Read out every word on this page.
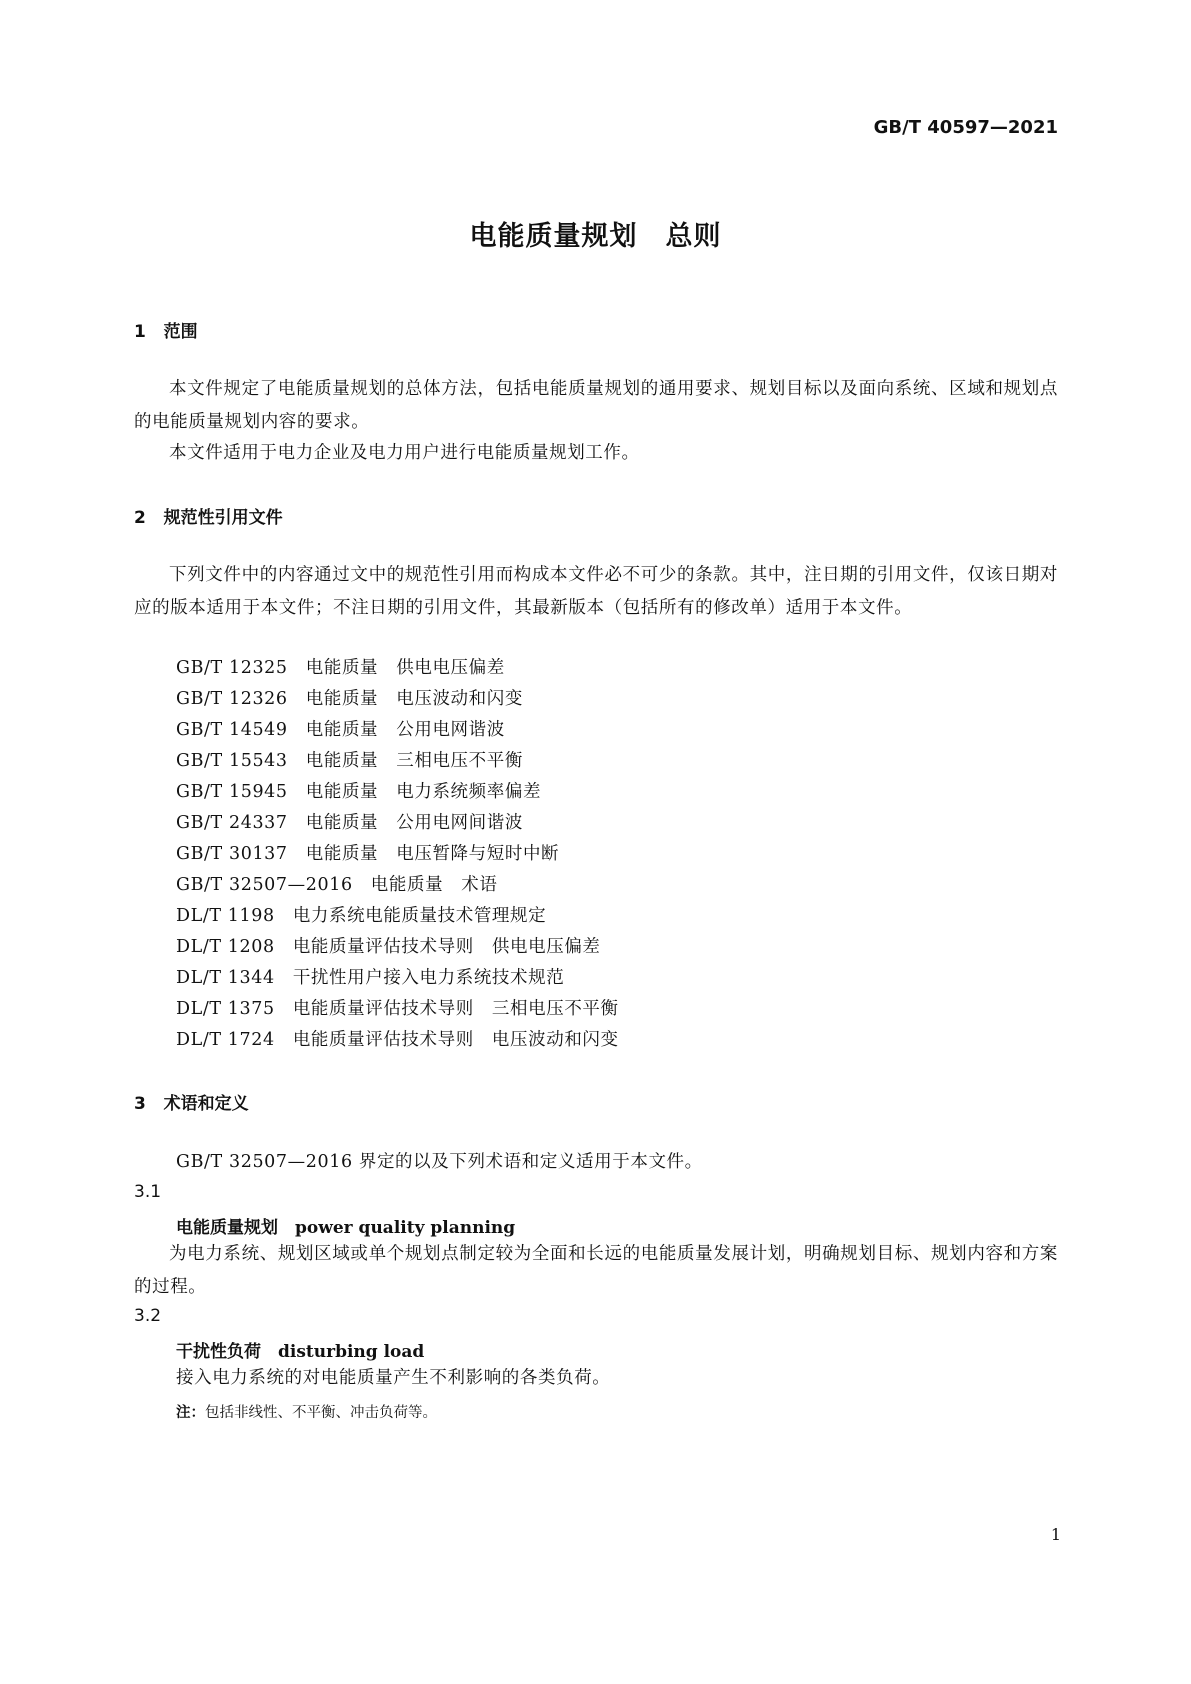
GB/T 40597—2021
电能质量规划　总则
1 范围
本文件规定了电能质量规划的总体方法，包括电能质量规划的通用要求、规划目标以及面向系统、区域和规划点的电能质量规划内容的要求。
本文件适用于电力企业及电力用户进行电能质量规划工作。
2 规范性引用文件
下列文件中的内容通过文中的规范性引用而构成本文件必不可少的条款。其中，注日期的引用文件，仅该日期对应的版本适用于本文件；不注日期的引用文件，其最新版本（包括所有的修改单）适用于本文件。
GB/T 12325　电能质量　供电电压偏差
GB/T 12326　电能质量　电压波动和闪变
GB/T 14549　电能质量　公用电网谐波
GB/T 15543　电能质量　三相电压不平衡
GB/T 15945　电能质量　电力系统频率偏差
GB/T 24337　电能质量　公用电网间谐波
GB/T 30137　电能质量　电压暂降与短时中断
GB/T 32507—2016　电能质量　术语
DL/T 1198　电力系统电能质量技术管理规定
DL/T 1208　电能质量评估技术导则　供电电压偏差
DL/T 1344　干扰性用户接入电力系统技术规范
DL/T 1375　电能质量评估技术导则　三相电压不平衡
DL/T 1724　电能质量评估技术导则　电压波动和闪变
3 术语和定义
GB/T 32507—2016 界定的以及下列术语和定义适用于本文件。
3.1
电能质量规划　 power quality planning
为电力系统、规划区域或单个规划点制定较为全面和长远的电能质量发展计划，明确规划目标、规划内容和方案的过程。
3.2
干扰性负荷　 disturbing load
接入电力系统的对电能质量产生不利影响的各类负荷。
注：包括非线性、不平衡、冲击负荷等。
1
